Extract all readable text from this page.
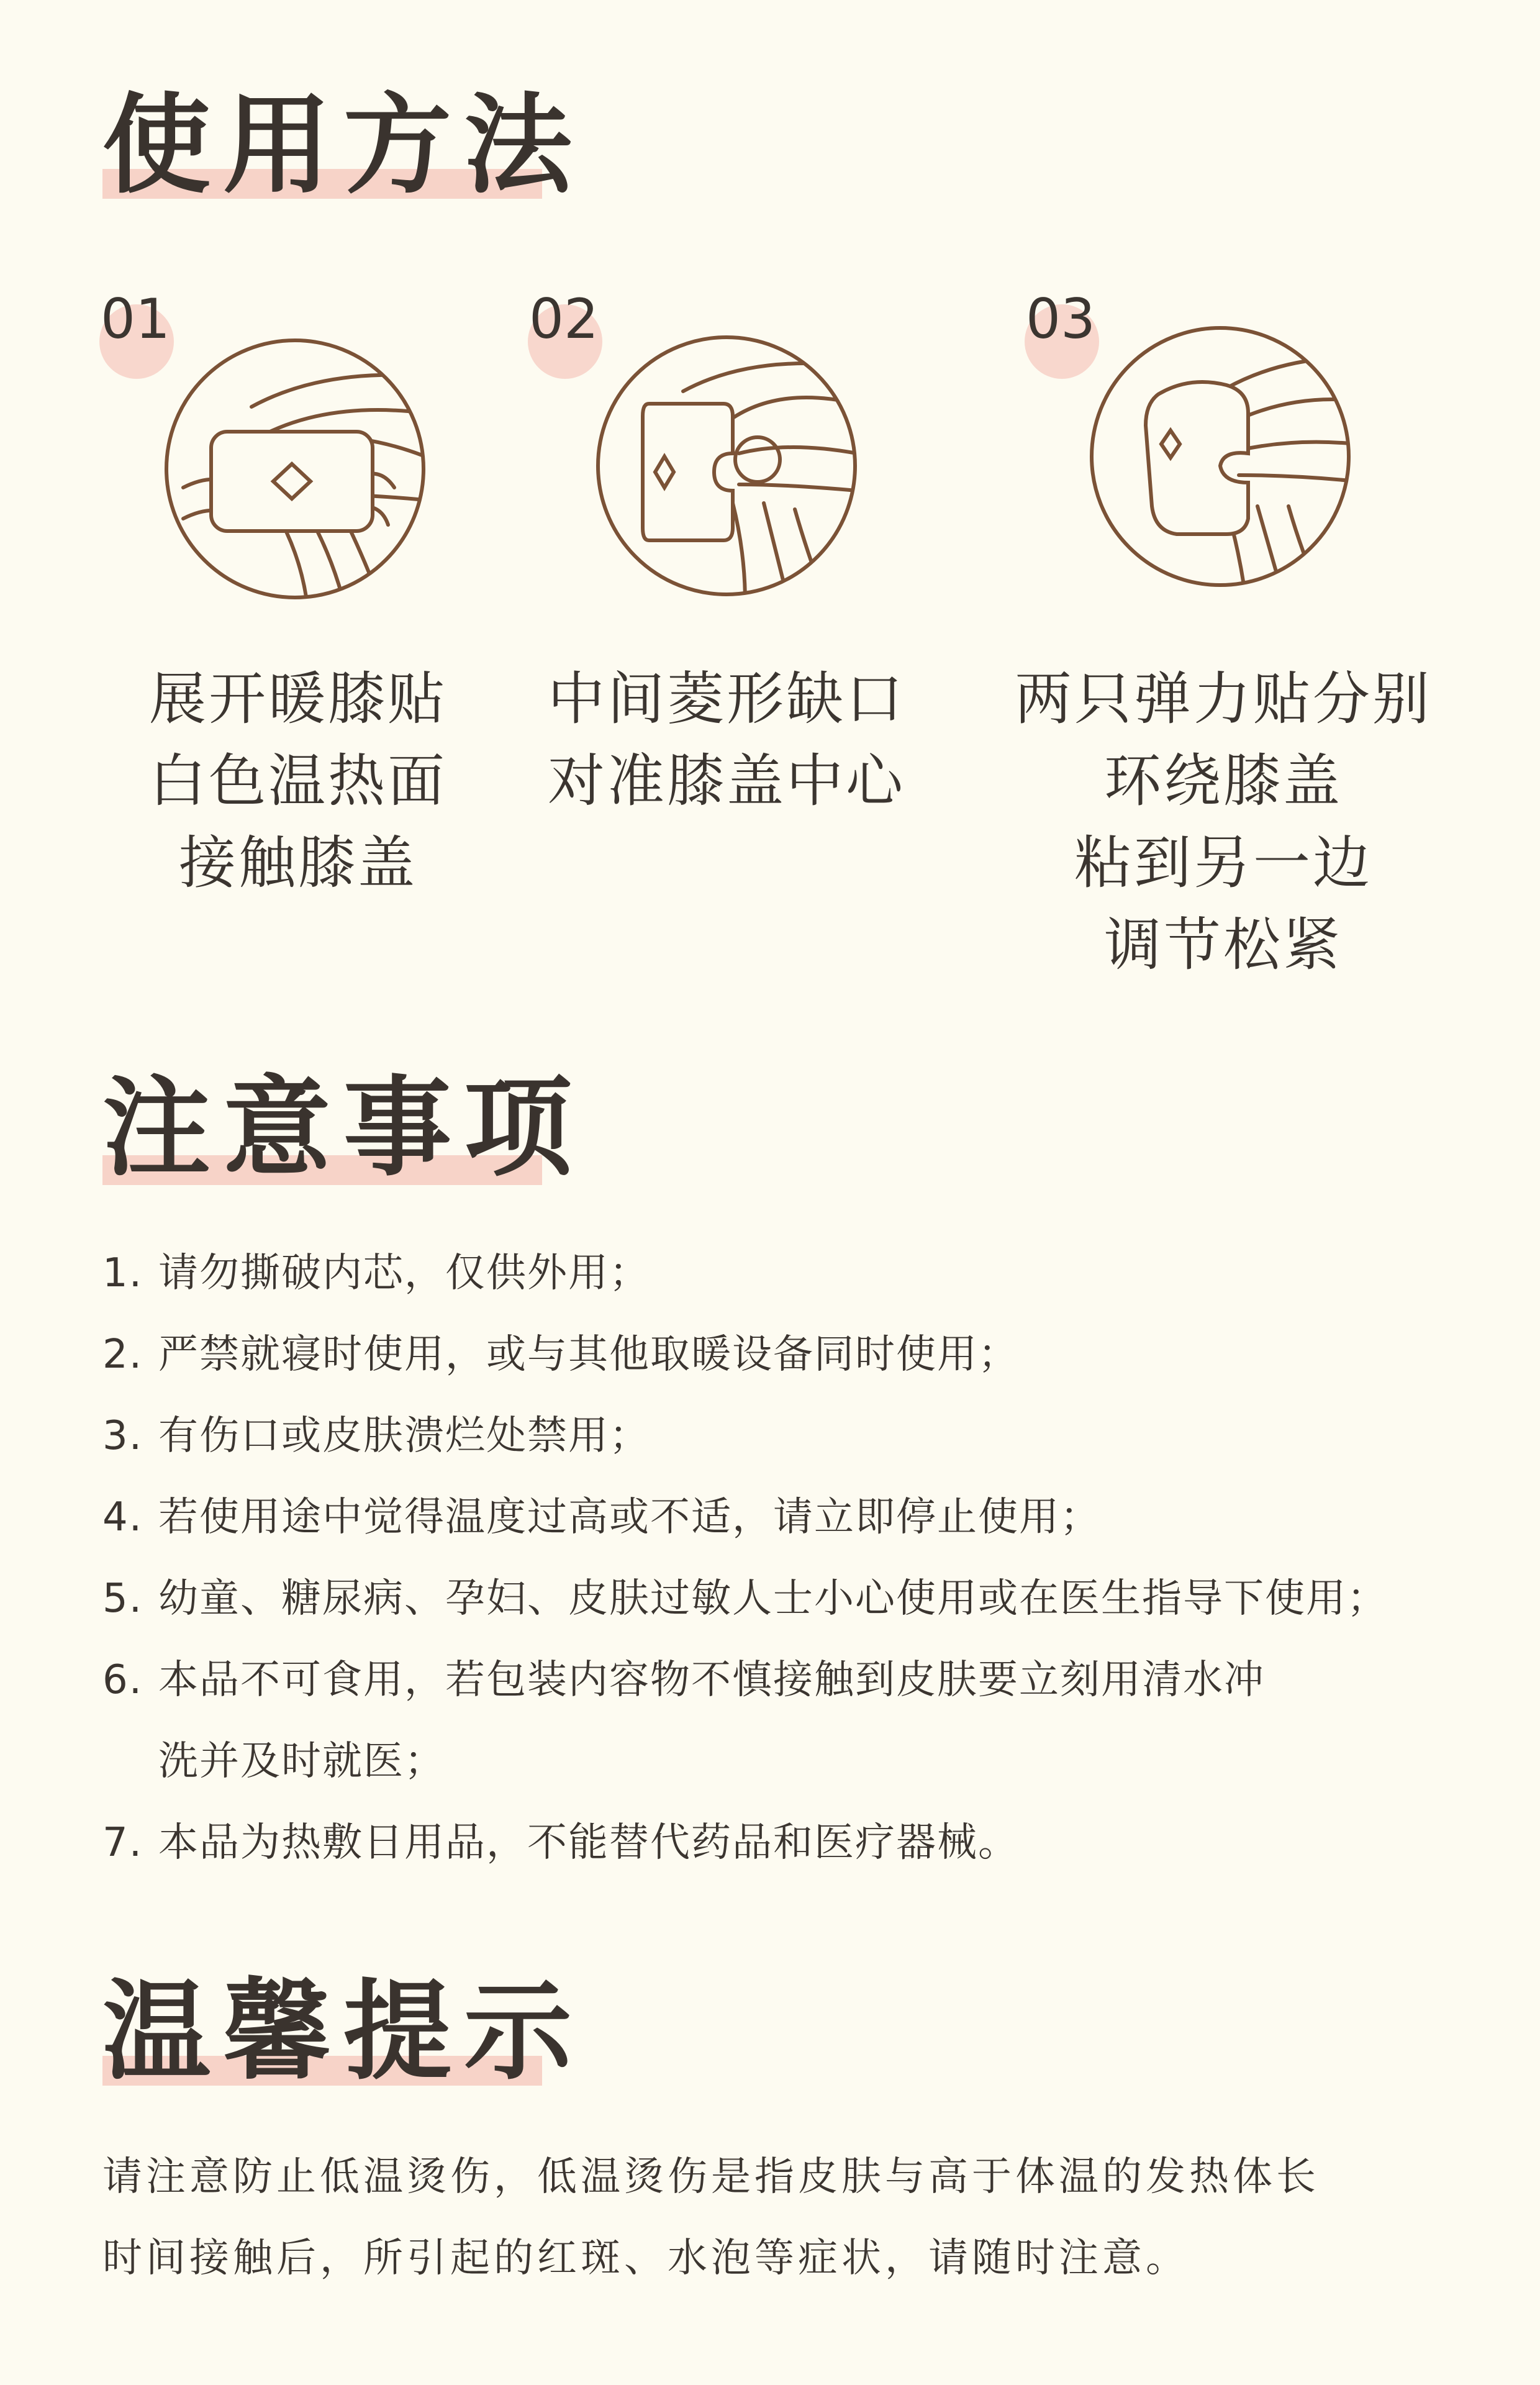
使用方法
01
展开暖膝贴
白色温热面
接触膝盖
02
中间菱形缺口
对准膝盖中心
03
两只弹力贴分别
环绕膝盖
粘到另一边
调节松紧
注意事项
1. 请勿撕破内芯，仅供外用；
2. 严禁就寝时使用，或与其他取暖设备同时使用；
3. 有伤口或皮肤溃烂处禁用；
4. 若使用途中觉得温度过高或不适，请立即停止使用；
5. 幼童、糖尿病、孕妇、皮肤过敏人士小心使用或在医生指导下使用；
6. 本品不可食用，若包装内容物不慎接触到皮肤要立刻用清水冲
洗并及时就医；
7. 本品为热敷日用品，不能替代药品和医疗器械。
温馨提示
请注意防止低温烫伤，低温烫伤是指皮肤与高于体温的发热体长
时间接触后，所引起的红斑、水泡等症状，请随时注意。
